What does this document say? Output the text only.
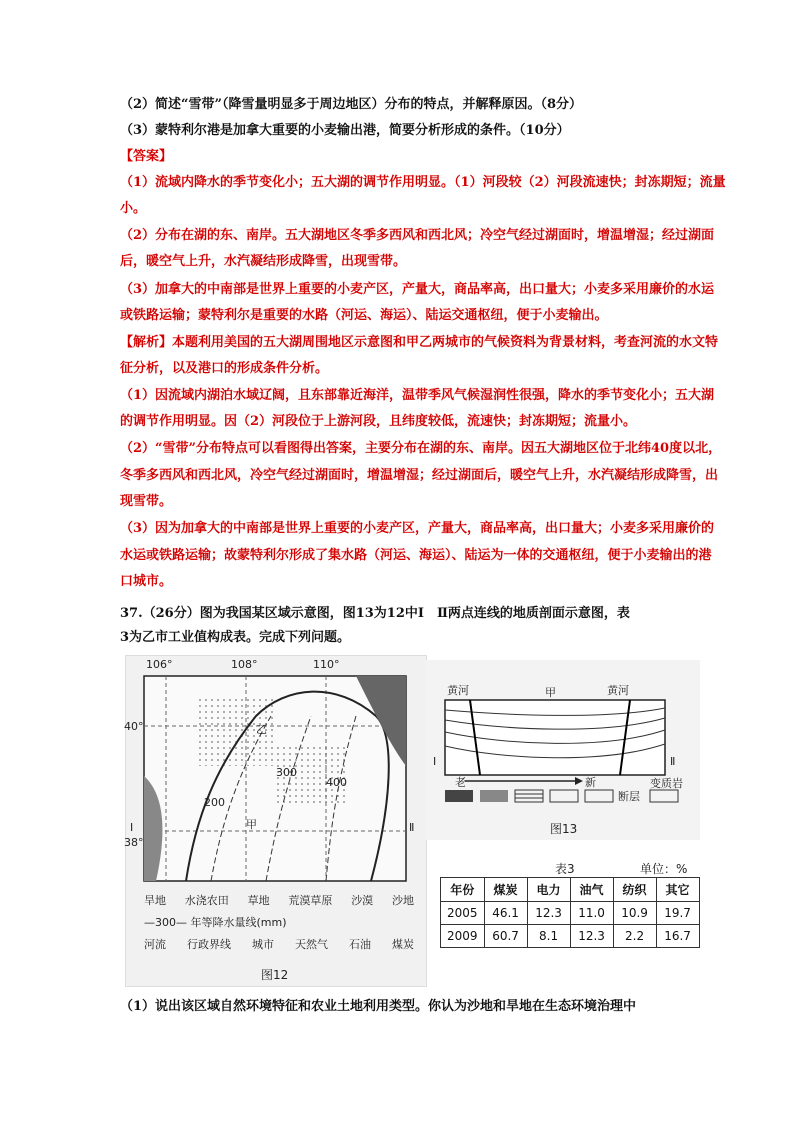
（2）简述“雪带”（降雪量明显多于周边地区）分布的特点，并解释原因。（8分）
（3）蒙特利尔港是加拿大重要的小麦输出港，简要分析形成的条件。（10分）
【答案】
（1）流域内降水的季节变化小；五大湖的调节作用明显。（1）河段较（2）河段流速快；封冻期短；流量
小。
（2）分布在湖的东、南岸。五大湖地区冬季多西风和西北风；冷空气经过湖面时，增温增湿；经过湖面
后，暖空气上升，水汽凝结形成降雪，出现雪带。
（3）加拿大的中南部是世界上重要的小麦产区，产量大，商品率高，出口量大；小麦多采用廉价的水运
或铁路运输；蒙特利尔是重要的水路（河运、海运）、陆运交通枢纽，便于小麦输出。
【解析】本题利用美国的五大湖周围地区示意图和甲乙两城市的气候资料为背景材料，考查河流的水文特
征分析，以及港口的形成条件分析。
（1）因流域内湖泊水域辽阔，且东部靠近海洋，温带季风气候湿润性很强，降水的季节变化小；五大湖
的调节作用明显。因（2）河段位于上游河段，且纬度较低，流速快；封冻期短；流量小。
（2）“雪带”分布特点可以看图得出答案，主要分布在湖的东、南岸。因五大湖地区位于北纬40度以北，
冬季多西风和西北风，冷空气经过湖面时，增温增湿；经过湖面后，暖空气上升，水汽凝结形成降雪，出
现雪带。
（3）因为加拿大的中南部是世界上重要的小麦产区，产量大，商品率高，出口量大；小麦多采用廉价的
水运或铁路运输；故蒙特利尔形成了集水路（河运、海运）、陆运为一体的交通枢纽，便于小麦输出的港
口城市。
37.（26分）图为我国某区域示意图，图13为12中Ⅰ　Ⅱ两点连线的地质剖面示意图，表
3为乙市工业值构成表。完成下列问题。
106°	108°	110°
40°
38°
200
300
400
甲
乙
Ⅰ	Ⅱ
旱地 水浇农田 草地 荒漠草原 沙漠 沙地
—300— 年等降水量线(mm)
河流 行政界线 城市 天然气 石油 煤炭
图12
黄河	甲	黄河
Ⅰ	Ⅱ
老	新
断层
变质岩
图13
表3	单位：%
年份	煤炭	电力	油气	纺织	其它
2005	46.1	12.3	11.0	10.9	19.7
2009	60.7	8.1	12.3	2.2	16.7
（1）说出该区域自然环境特征和农业土地利用类型。你认为沙地和旱地在生态环境治理中
